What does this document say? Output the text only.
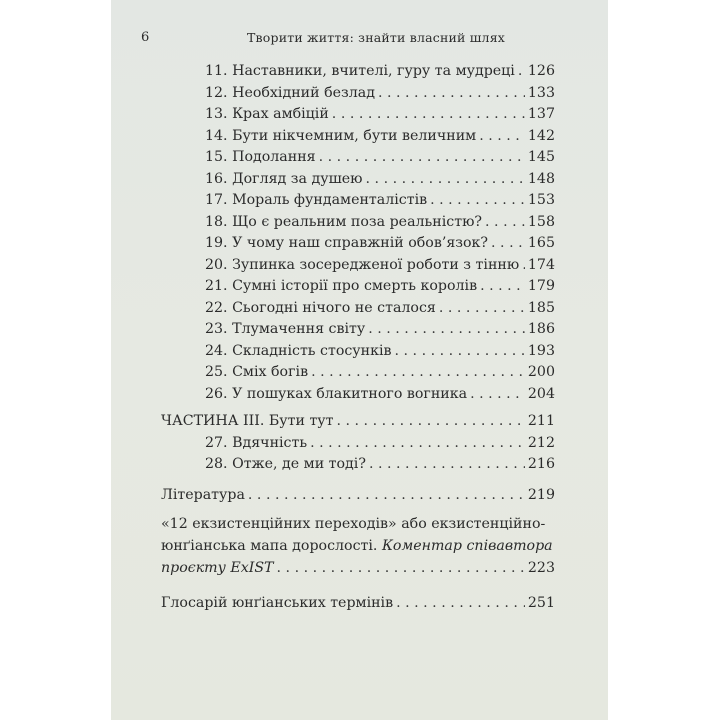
6	Творити життя: знайти власний шлях
11. Наставники, вчителі, гуру та мудреці . . . 126
12. Необхідний безлад . . .	133
13. Крах амбіцій . . .	137
14. Бути нікчемним, бути величним . . .	142
15. Подолання . . .	145
16. Догляд за душею . . .	148
17. Мораль фундаменталістів . . .	153
18. Що є реальним поза реальністю? . . .	158
19. У чому наш справжній обов’язок? . . .	165
20. Зупинка зосередженої роботи з тінню . . . 174
21. Сумні історії про смерть королів . . .	179
22. Сьогодні нічого не сталося . . .	185
23. Тлумачення світу . . .	186
24. Складність стосунків . . .	193
25. Сміх богів . . .	200
26. У пошуках блакитного вогника . . .	204
ЧАСТИНА III. Бути тут . . .	211
27. Вдячність . . .	212
28. Отже, де ми тоді? . . .	216
Література . . .	219
«12 екзистенційних переходів» або екзистенційно-
юнґіанська мапа дорослості. Коментар співавтора
проєкту ExIST . . .	223
Глосарій юнґіанських термінів . . .	251
